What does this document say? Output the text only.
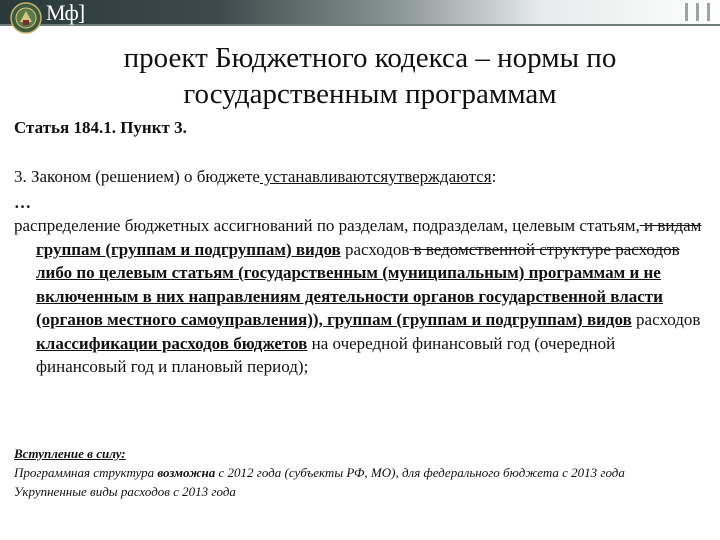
Мф]
проект Бюджетного кодекса – нормы по
государственным программам
Статья 184.1. Пункт 3.

3. Законом (решением) о бюджете устанавливаютсяутверждаются:

…

распределение бюджетных ассигнований по разделам, подразделам, целевым статьям, и видам группам (группам и подгруппам) видов расходов в ведомственной структуре расходов либо по целевым статьям (государственным (муниципальным) программам и не включенным в них направлениям деятельности органов государственной власти (органов местного самоуправления)), группам (группам и подгруппам) видов расходов классификации расходов бюджетов на очередной финансовый год (очередной финансовый год и плановый период);

Вступление в силу:
Программная структура возможна с 2012 года (субъекты РФ, МО), для федерального бюджета с 2013 года
Укрупненные виды расходов с 2013 года
